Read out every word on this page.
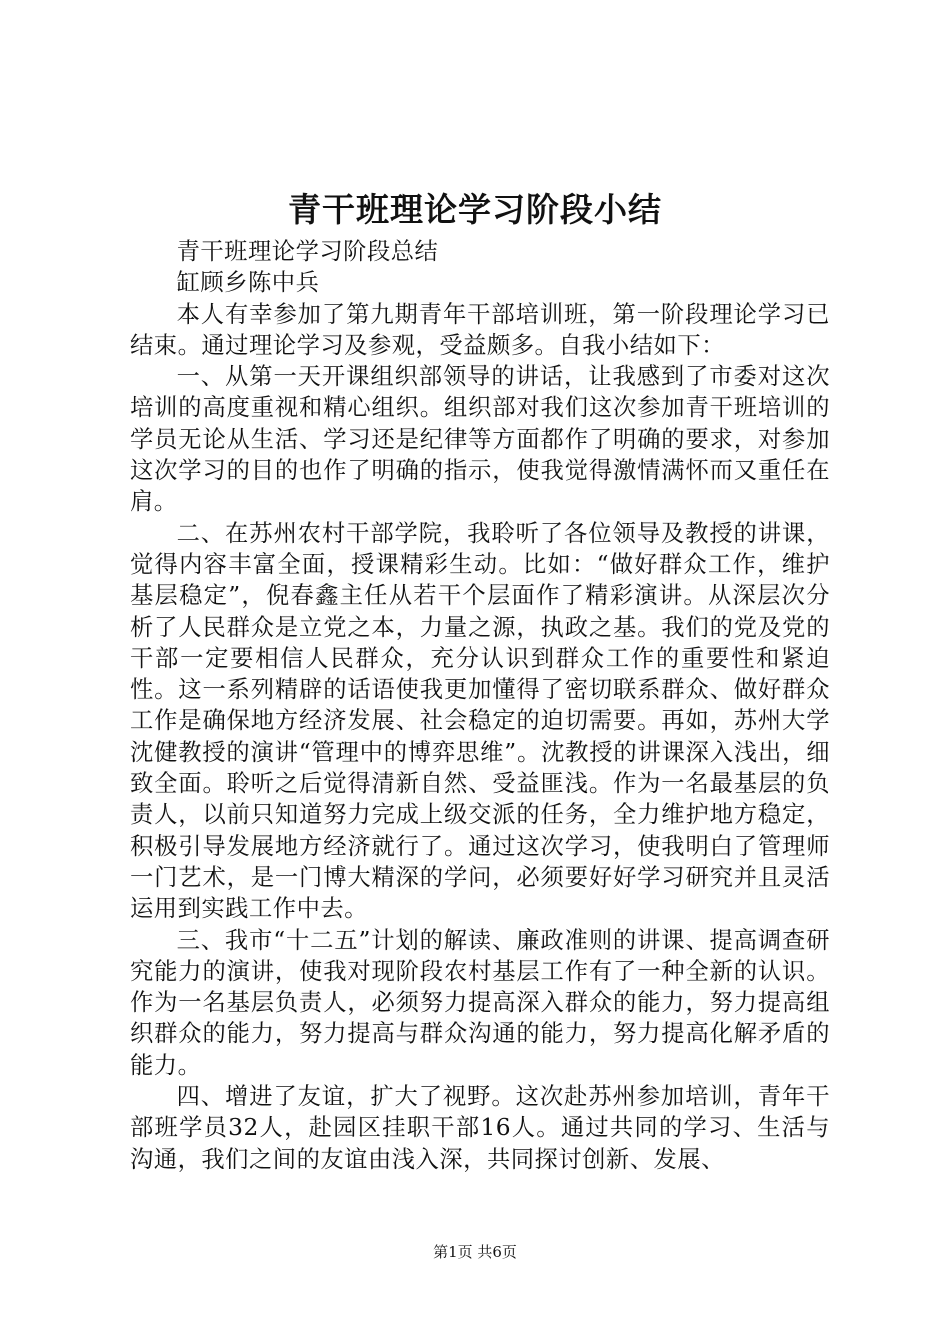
青干班理论学习阶段小结

青干班理论学习阶段总结

缸顾乡陈中兵

本人有幸参加了第九期青年干部培训班，第一阶段理论学习已结束。通过理论学习及参观，受益颇多。自我小结如下：

一、从第一天开课组织部领导的讲话，让我感到了市委对这次培训的高度重视和精心组织。组织部对我们这次参加青干班培训的学员无论从生活、学习还是纪律等方面都作了明确的要求，对参加这次学习的目的也作了明确的指示，使我觉得激情满怀而又重任在肩。

二、在苏州农村干部学院，我聆听了各位领导及教授的讲课，觉得内容丰富全面，授课精彩生动。比如：“做好群众工作，维护基层稳定”，倪春鑫主任从若干个层面作了精彩演讲。从深层次分析了人民群众是立党之本，力量之源，执政之基。我们的党及党的干部一定要相信人民群众，充分认识到群众工作的重要性和紧迫性。这一系列精辟的话语使我更加懂得了密切联系群众、做好群众工作是确保地方经济发展、社会稳定的迫切需要。再如，苏州大学沈健教授的演讲“管理中的博弈思维”。沈教授的讲课深入浅出，细致全面。聆听之后觉得清新自然、受益匪浅。作为一名最基层的负责人，以前只知道努力完成上级交派的任务，全力维护地方稳定，积极引导发展地方经济就行了。通过这次学习，使我明白了管理师一门艺术，是一门博大精深的学问，必须要好好学习研究并且灵活运用到实践工作中去。

三、我市“十二五”计划的解读、廉政准则的讲课、提高调查研究能力的演讲，使我对现阶段农村基层工作有了一种全新的认识。作为一名基层负责人，必须努力提高深入群众的能力，努力提高组织群众的能力，努力提高与群众沟通的能力，努力提高化解矛盾的能力。

四、增进了友谊，扩大了视野。这次赴苏州参加培训，青年干部班学员32人，赴园区挂职干部16人。通过共同的学习、生活与沟通，我们之间的友谊由浅入深，共同探讨创新、发展、

第1页 共6页
